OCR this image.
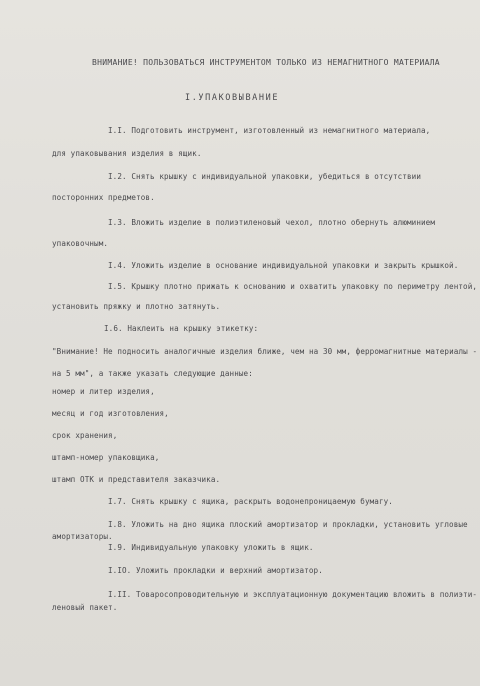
ВНИМАНИЕ! ПОЛЬЗОВАТЬСЯ ИНСТРУМЕНТОМ ТОЛЬКО ИЗ НЕМАГНИТНОГО МАТЕРИАЛА
I.УПАКОВЫВАНИЕ
I.I. Подготовить инструмент, изготовленный из немагнитного материала,
для упаковывания изделия в ящик.
I.2. Снять крышку с индивидуальной упаковки, убедиться в отсутствии
посторонних предметов.
I.3. Вложить изделие в полиэтиленовый чехол, плотно обернуть алюминием
упаковочным.
I.4. Уложить изделие в основание индивидуальной упаковки и закрыть крышкой.
I.5. Крышку плотно прижать к основанию и охватить упаковку по периметру лентой,
установить пряжку и плотно затянуть.
I.6. Наклеить на крышку этикетку:
"Внимание! Не подносить аналогичные изделия ближе, чем на 30 мм, ферромагнитные материалы -
на 5 мм", а также указать следующие данные:
номер и литер изделия,
месяц и год изготовления,
срок хранения,
штамп-номер упаковщика,
штамп ОТК и представителя заказчика.
I.7. Снять крышку с ящика, раскрыть водонепроницаемую бумагу.
I.8. Уложить на дно ящика плоский амортизатор и прокладки, установить угловые
амортизаторы.
I.9. Индивидуальную упаковку уложить в ящик.
I.IO. Уложить прокладки и верхний амортизатор.
I.II. Товаросопроводительную и эксплуатационную документацию вложить в полиэти-
леновый пакет.
